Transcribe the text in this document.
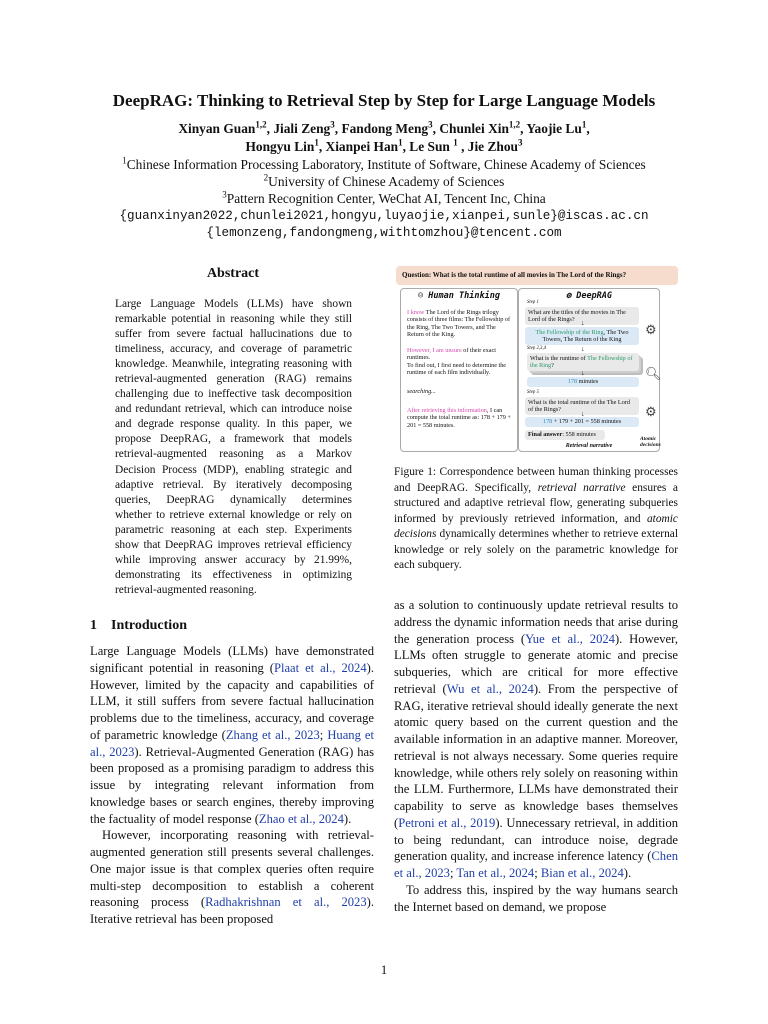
DeepRAG: Thinking to Retrieval Step by Step for Large Language Models
Xinyan Guan$^{1,2}$, Jiali Zeng$^3$, Fandong Meng$^3$, Chunlei Xin$^{1,2}$, Yaojie Lu$^1$,
Hongyu Lin$^1$, Xianpei Han$^1$, Le Sun $^1$ , Jie Zhou$^3$
$^1$Chinese Information Processing Laboratory, Institute of Software, Chinese Academy of Sciences
$^2$University of Chinese Academy of Sciences
$^3$Pattern Recognition Center, WeChat AI, Tencent Inc, China
{guanxinyan2022,chunlei2021,hongyu,luyaojie,xianpei,sunle}@iscas.ac.cn
{lemonzeng,fandongmeng,withtomzhou}@tencent.com
Abstract
Large Language Models (LLMs) have shown remarkable potential in reasoning while they still suffer from severe factual hallucinations due to timeliness, accuracy, and coverage of parametric knowledge. Meanwhile, integrating reasoning with retrieval-augmented generation (RAG) remains challenging due to ineffective task decomposition and redundant retrieval, which can introduce noise and degrade response quality. In this paper, we propose DeepRAG, a framework that models retrieval-augmented reasoning as a Markov Decision Process (MDP), enabling strategic and adaptive retrieval. By iteratively decomposing queries, DeepRAG dynamically determines whether to retrieve external knowledge or rely on parametric reasoning at each step. Experiments show that DeepRAG improves retrieval efficiency while improving answer accuracy by 21.99%, demonstrating its effectiveness in optimizing retrieval-augmented reasoning.
1 Introduction

Large Language Models (LLMs) have demonstrated significant potential in reasoning (Plaat et al., 2024). However, limited by the capacity and capabilities of LLM, it still suffers from severe factual hallucination problems due to the timeliness, accuracy, and coverage of parametric knowledge (Zhang et al., 2023; Huang et al., 2023). Retrieval-Augmented Generation (RAG) has been proposed as a promising paradigm to address this issue by integrating relevant information from knowledge bases or search engines, thereby improving the factuality of model response (Zhao et al., 2024).

However, incorporating reasoning with retrieval-augmented generation still presents several challenges. One major issue is that complex queries often require multi-step decomposition to establish a coherent reasoning process (Radhakrishnan et al., 2023). Iterative retrieval has been proposed

as a solution to continuously update retrieval results to address the dynamic information needs that arise during the generation process (Yue et al., 2024). However, LLMs often struggle to generate atomic and precise subqueries, which are critical for more effective retrieval (Wu et al., 2024). From the perspective of RAG, iterative retrieval should ideally generate the next atomic query based on the current question and the available information in an adaptive manner. Moreover, retrieval is not always necessary. Some queries require knowledge, while others rely solely on reasoning within the LLM. Furthermore, LLMs have demonstrated their capability to serve as knowledge bases themselves (Petroni et al., 2019). Unnecessary retrieval, in addition to being redundant, can introduce noise, degrade generation quality, and increase inference latency (Chen et al., 2023; Tan et al., 2024; Bian et al., 2024).

To address this, inspired by the way humans search the Internet based on demand, we propose

Question: What is the total runtime of all movies in The Lord of the Rings?
☺ Human Thinking
I know The Lord of the Rings trilogy consists of three films: The Fellowship of the Ring, The Two Towers, and The Return of the King.
However, I am unsure of their exact runtimes.
To find out, I first need to determine the runtime of each film individually.
searching...
After retrieving this information, I can compute the total runtime as: 178 + 179 + 201 = 558 minutes.
⚙ DeepRAG
Step 1
What are the titles of the movies in The Lord of the Rings?
The Fellowship of the Ring, The Two Towers, The Return of the King
Step 2,3,4
What is the runtime of The Fellowship of the Ring?
178 minutes
Step 5
What is the total runtime of the The Lord of the Rings?
178 + 179 + 201 = 558 minutes
Final answer: 558 minutes
↓
↓
↓
↓
Retrieval narrative
⚙
🔍︎
⚙
Atomic decisions
Figure 1: Correspondence between human thinking processes and DeepRAG. Specifically, retrieval narrative ensures a structured and adaptive retrieval flow, generating subqueries informed by previously retrieved information, and atomic decisions dynamically determines whether to retrieve external knowledge or rely solely on the parametric knowledge for each subquery.
1
